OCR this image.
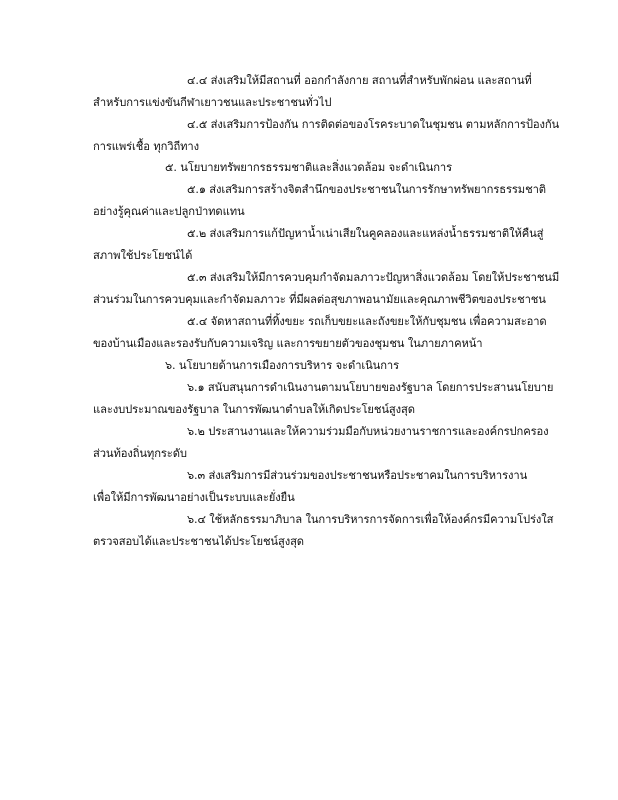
๔.๔ ส่งเสริมให้มีสถานที่ ออกกำลังกาย สถานที่สำหรับพักผ่อน และสถานที่
สำหรับการแข่งขันกีฬาเยาวชนและประชาชนทั่วไป
๔.๕ ส่งเสริมการป้องกัน การติดต่อของโรคระบาดในชุมชน ตามหลักการป้องกัน
การแพร่เชื้อ ทุกวิถีทาง
๕. นโยบายทรัพยากรธรรมชาติและสิ่งแวดล้อม จะดำเนินการ
๕.๑ ส่งเสริมการสร้างจิตสำนึกของประชาชนในการรักษาทรัพยากรธรรมชาติ
อย่างรู้คุณค่าและปลูกป่าทดแทน
๕.๒ ส่งเสริมการแก้ปัญหาน้ำเน่าเสียในคูคลองและแหล่งน้ำธรรมชาติให้คืนสู่
สภาพใช้ประโยชน์ได้
๕.๓ ส่งเสริมให้มีการควบคุมกำจัดมลภาวะปัญหาสิ่งแวดล้อม โดยให้ประชาชนมี
ส่วนร่วมในการควบคุมและกำจัดมลภาวะ ที่มีผลต่อสุขภาพอนามัยและคุณภาพชีวิตของประชาชน
๕.๔ จัดหาสถานที่ทิ้งขยะ รถเก็บขยะและถังขยะให้กับชุมชน เพื่อความสะอาด
ของบ้านเมืองและรองรับกับความเจริญ และการขยายตัวของชุมชน ในภายภาคหน้า
๖. นโยบายด้านการเมืองการบริหาร จะดำเนินการ
๖.๑ สนับสนุนการดำเนินงานตามนโยบายของรัฐบาล โดยการประสานนโยบาย
และงบประมาณของรัฐบาล ในการพัฒนาตำบลให้เกิดประโยชน์สูงสุด
๖.๒ ประสานงานและให้ความร่วมมือกับหน่วยงานราชการและองค์กรปกครอง
ส่วนท้องถิ่นทุกระดับ
๖.๓ ส่งเสริมการมีส่วนร่วมของประชาชนหรือประชาคมในการบริหารงาน
เพื่อให้มีการพัฒนาอย่างเป็นระบบและยั่งยืน
๖.๔ ใช้หลักธรรมาภิบาล ในการบริหารการจัดการเพื่อให้องค์กรมีความโปร่งใส
ตรวจสอบได้และประชาชนได้ประโยชน์สูงสุด
